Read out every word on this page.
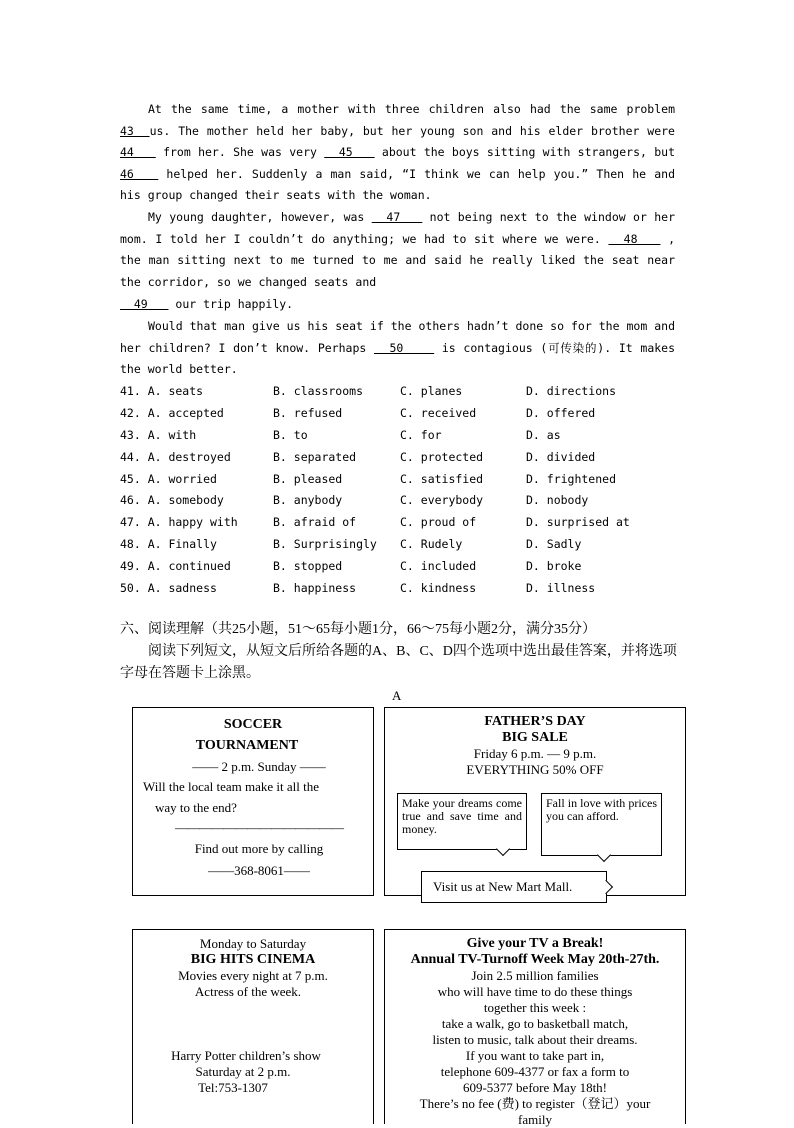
At the same time, a mother with three children also had the same problem 43  us. The mother held her baby, but her young son and his elder brother were 44    from her. She was very   45    about the boys sitting with strangers, but 46    helped her. Suddenly a man said, “I think we can help you.” Then he and his group changed their seats with the woman.
My young daughter, however, was   47    not being next to the window or her mom. I told her I couldn’t do anything; we had to sit where we were.   48    , the man sitting next to me turned to me and said he really liked the seat near the corridor, so we changed seats and
49    our trip happily.
Would that man give us his seat if the others hadn’t done so for the mom and her children? I don’t know. Perhaps   50     is contagious (可传染的). It makes the world better.
41. A. seats	B. classrooms	C. planes	D. directions
42. A. accepted	B. refused	C. received	D. offered
43. A. with	B. to	C. for	D. as
44. A. destroyed	B. separated	C. protected	D. divided
45. A. worried	B. pleased	C. satisfied	D. frightened
46. A. somebody	B. anybody	C. everybody	D. nobody
47. A. happy with	B. afraid of	C. proud of	D. surprised at
48. A. Finally	B. Surprisingly C. Rudely	D. Sadly
49. A. continued	B. stopped	C. included	D. broke
50. A. sadness	B. happiness	C. kindness	D. illness
六、阅读理解（共25小题，51～65每小题1分，66～75每小题2分，满分35分）
阅读下列短文，从短文后所给各题的A、B、C、D四个选项中选出最佳答案，并将选项字母在答题卡上涂黑。
A
SOCCER
TOURNAMENT
—— 2 p.m. Sunday ——
Will the local team make it all the
way to the end?
——————————————
Find out more by calling
——368-8061——
FATHER’S DAY
BIG SALE
Friday 6 p.m. — 9 p.m.
EVERYTHING 50% OFF
Make your dreams come true and save time and money.
Fall in love with prices you can afford.
Visit us at New Mart Mall.
Monday to Saturday
BIG HITS CINEMA
Movies every night at 7 p.m.
Actress of the week.
Harry Potter children’s show
Saturday at 2 p.m.
Tel:753-1307
Give your TV a Break!
Annual TV-Turnoff Week May 20th-27th.
Join 2.5 million families
who will have time to do these things
together this week :
take a walk, go to basketball match,
listen to music, talk about their dreams.
If you want to take part in,
telephone 609-4377 or fax a form to
609-5377 before May 18th!
There’s no fee (费) to register（登记）your
family
